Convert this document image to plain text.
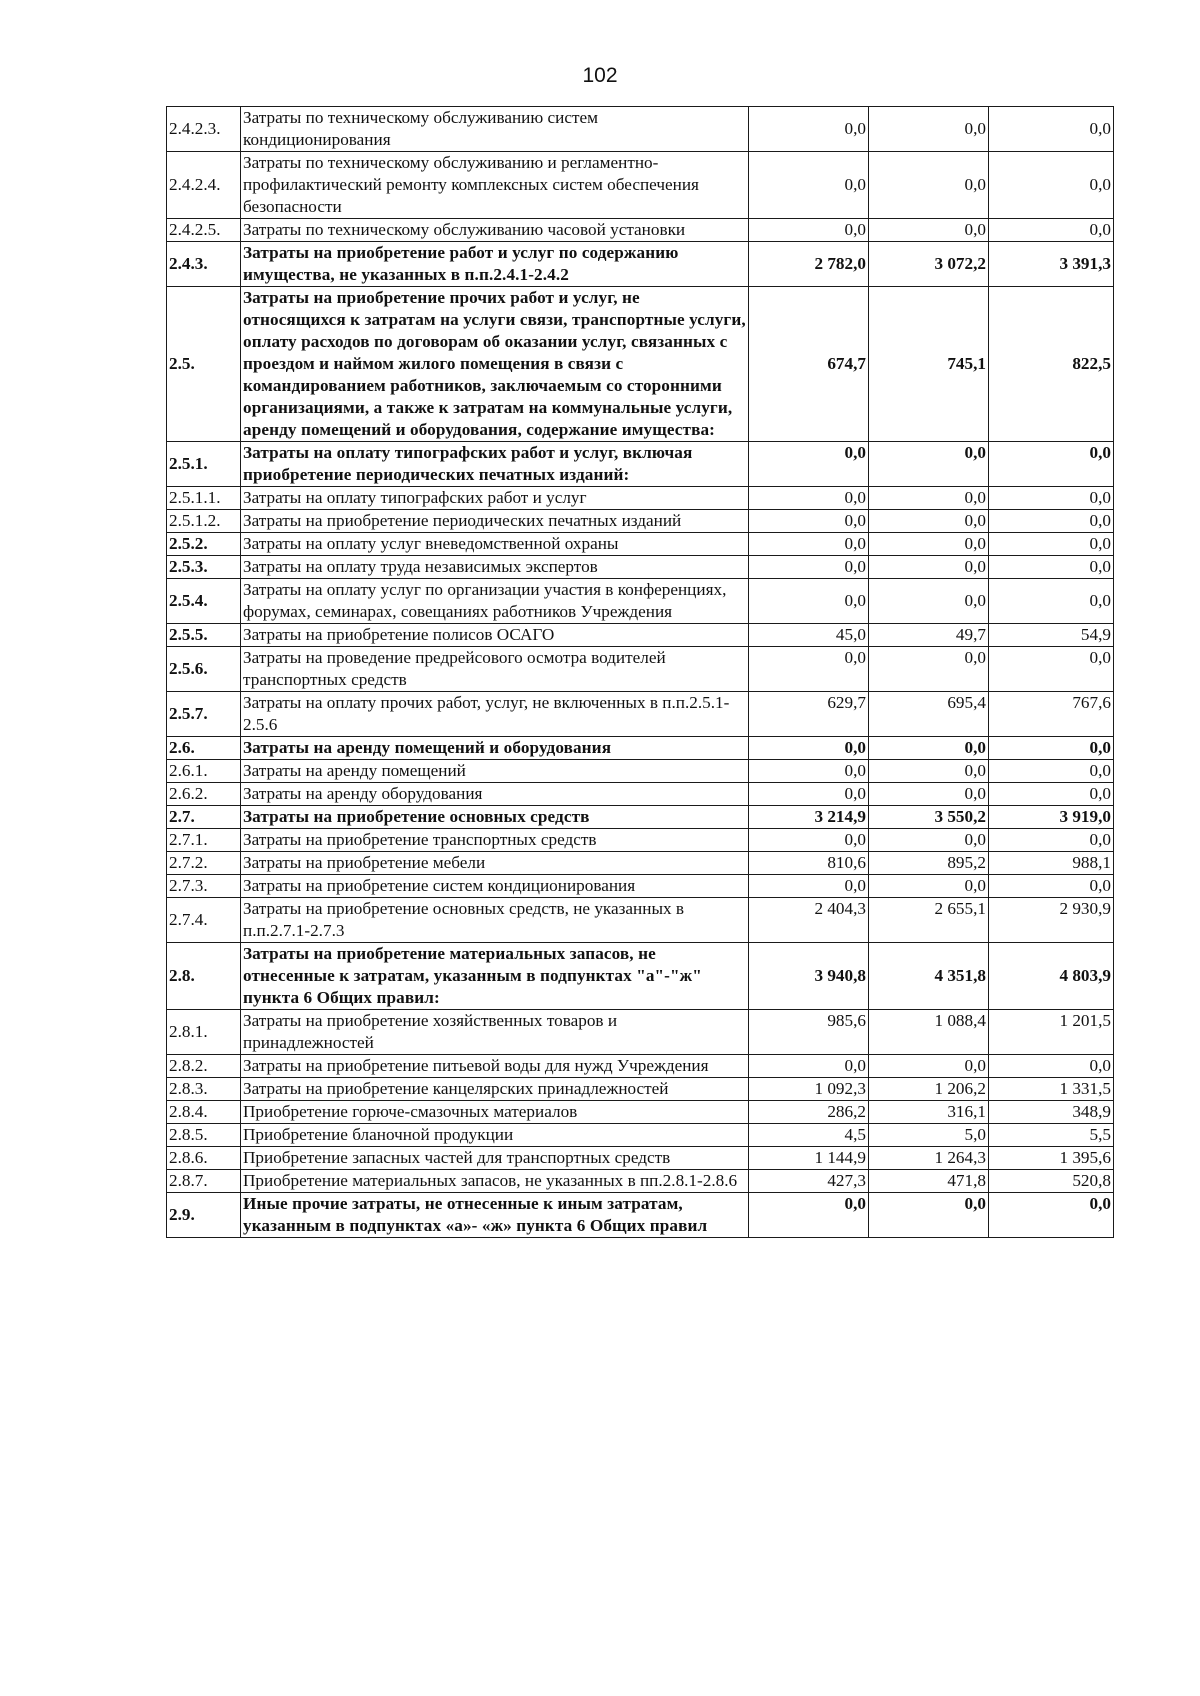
102
2.4.2.3.	Затраты по техническому обслуживанию систем кондиционирования	0,0	0,0	0,0
2.4.2.4.	Затраты по техническому обслуживанию и регламентно-профилактический ремонту комплексных систем обеспечения безопасности	0,0	0,0	0,0
2.4.2.5.	Затраты по техническому обслуживанию часовой установки	0,0	0,0	0,0
2.4.3.	Затраты на приобретение работ и услуг по содержанию имущества, не указанных в п.п.2.4.1-2.4.2	2 782,0	3 072,2	3 391,3
2.5.	Затраты на приобретение прочих работ и услуг, не относящихся к затратам на услуги связи, транспортные услуги, оплату расходов по договорам об оказании услуг, связанных с проездом и наймом жилого помещения в связи с командированием работников, заключаемым со сторонними организациями, а также к затратам на коммунальные услуги, аренду помещений и оборудования, содержание имущества:	674,7	745,1	822,5
2.5.1.	Затраты на оплату типографских работ и услуг, включая приобретение периодических печатных изданий:	0,0	0,0	0,0
2.5.1.1.	Затраты на оплату типографских работ и услуг	0,0	0,0	0,0
2.5.1.2.	Затраты на приобретение периодических печатных изданий	0,0	0,0	0,0
2.5.2.	Затраты на оплату услуг вневедомственной охраны	0,0	0,0	0,0
2.5.3.	Затраты на оплату труда независимых экспертов	0,0	0,0	0,0
2.5.4.	Затраты на оплату услуг по организации участия в конференциях, форумах, семинарах, совещаниях работников Учреждения	0,0	0,0	0,0
2.5.5.	Затраты на приобретение полисов ОСАГО	45,0	49,7	54,9
2.5.6.	Затраты на проведение предрейсового осмотра водителей транспортных средств	0,0	0,0	0,0
2.5.7.	Затраты на оплату прочих работ, услуг, не включенных в п.п.2.5.1-2.5.6	629,7	695,4	767,6
2.6.	Затраты на аренду помещений и оборудования	0,0	0,0	0,0
2.6.1.	Затраты на аренду помещений	0,0	0,0	0,0
2.6.2.	Затраты на аренду оборудования	0,0	0,0	0,0
2.7.	Затраты на приобретение основных средств	3 214,9	3 550,2	3 919,0
2.7.1.	Затраты на приобретение транспортных средств	0,0	0,0	0,0
2.7.2.	Затраты на приобретение мебели	810,6	895,2	988,1
2.7.3.	Затраты на приобретение систем кондиционирования	0,0	0,0	0,0
2.7.4.	Затраты на приобретение основных средств, не указанных в п.п.2.7.1-2.7.3	2 404,3	2 655,1	2 930,9
2.8.	Затраты на приобретение материальных запасов, не отнесенные к затратам, указанным в подпунктах "а"-"ж" пункта 6 Общих правил:	3 940,8	4 351,8	4 803,9
2.8.1.	Затраты на приобретение хозяйственных товаров и принадлежностей	985,6	1 088,4	1 201,5
2.8.2.	Затраты на приобретение питьевой воды для нужд Учреждения	0,0	0,0	0,0
2.8.3.	Затраты на приобретение канцелярских принадлежностей	1 092,3	1 206,2	1 331,5
2.8.4.	Приобретение горюче-смазочных материалов	286,2	316,1	348,9
2.8.5.	Приобретение бланочной продукции	4,5	5,0	5,5
2.8.6.	Приобретение запасных частей для транспортных средств	1 144,9	1 264,3	1 395,6
2.8.7.	Приобретение материальных запасов, не указанных в пп.2.8.1-2.8.6	427,3	471,8	520,8
2.9.	Иные прочие затраты, не отнесенные к иным затратам, указанным в подпунктах «а»- «ж» пункта 6 Общих правил	0,0	0,0	0,0
